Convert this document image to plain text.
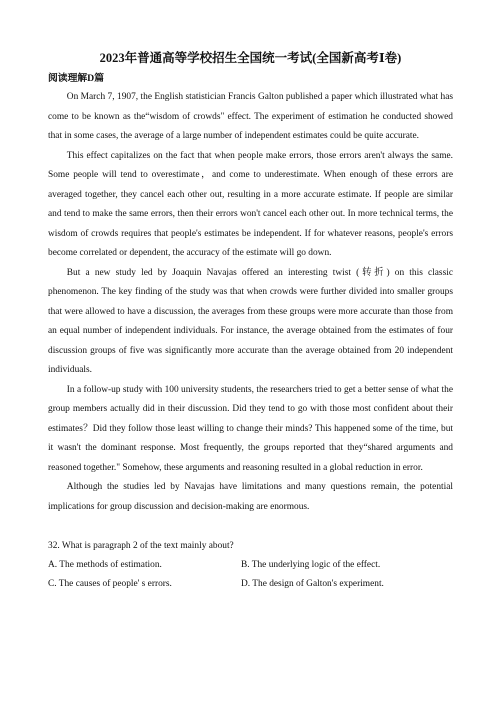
2023年普通高等学校招生全国统一考试(全国新高考Ⅰ卷)
阅读理解D篇

On March 7, 1907, the English statistician Francis Galton published a paper which illustrated what has come to be known as the“wisdom of crowds" effect. The experiment of estimation he conducted showed that in some cases, the average of a large number of independent estimates could be quite accurate.

This effect capitalizes on the fact that when people make errors, those errors aren't always the same. Some people will tend to overestimate，and come to underestimate. When enough of these errors are averaged together, they cancel each other out, resulting in a more accurate estimate. If people are similar and tend to make the same errors, then their errors won't cancel each other out. In more technical terms, the wisdom of crowds requires that people's estimates be independent. If for whatever reasons, people's errors become correlated or dependent, the accuracy of the estimate will go down.

But a new study led by Joaquin Navajas offered an interesting twist (转折) on this classic phenomenon. The key finding of the study was that when crowds were further divided into smaller groups that were allowed to have a discussion, the averages from these groups were more accurate than those from an equal number of independent individuals. For instance, the average obtained from the estimates of four discussion groups of five was significantly more accurate than the average obtained from 20 independent individuals.

In a follow-up study with 100 university students, the researchers tried to get a better sense of what the group members actually did in their discussion. Did they tend to go with those most confident about their estimates？Did they follow those least willing to change their minds? This happened some of the time, but it wasn't the dominant response. Most frequently, the groups reported that they“shared arguments and reasoned together." Somehow, these arguments and reasoning resulted in a global reduction in error.

Although the studies led by Navajas have limitations and many questions remain, the potential implications for group discussion and decision-making are enormous.

32. What is paragraph 2 of the text mainly about?

A. The methods of estimation.	B. The underlying logic of the effect.
C. The causes of people' s errors.	D. The design of Galton's experiment.
